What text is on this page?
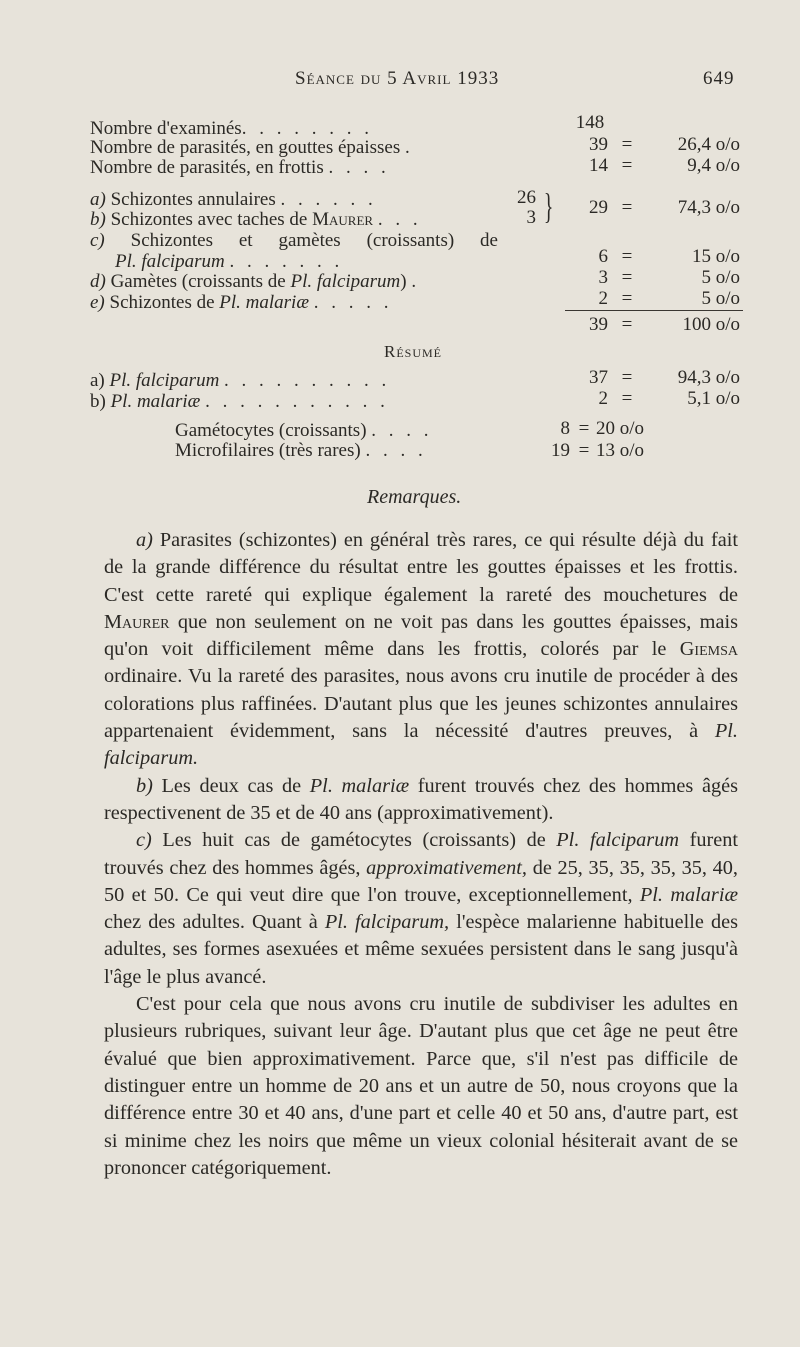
Séance du 5 Avril 1933	649
Nombre d'examinés. . . . . . . .	148
Nombre de parasités, en gouttes épaisses .	39 =	26,4 o/o
Nombre de parasités, en frottis . . . .	14 =	9,4 o/o
a) Schizontes annulaires . . . . . .	26
b) Schizontes avec taches de Maurer . . .	3 }	29 =	74,3 o/o
c) Schizontes et gamètes (croissants) de
Pl. falciparum . . . . . . .	6 =	15 o/o
d) Gamètes (croissants de Pl. falciparum) .	3 =	5 o/o
e) Schizontes de Pl. malariæ . . . . .	2 =	5 o/o
39 =	100 o/o
Résumé
a) Pl. falciparum . . . . . . . . . .	37 =	94,3 o/o
b) Pl. malariæ . . . . . . . . . . .	2 =	5,1 o/o
Gamétocytes (croissants) . . . .	8 = 20 o/o
Microfilaires (très rares) . . . .	19 = 13 o/o
Remarques.

a) Parasites (schizontes) en général très rares, ce qui résulte déjà du fait de la grande différence du résultat entre les gouttes épaisses et les frottis. C'est cette rareté qui explique également la rareté des mouchetures de Maurer que non seulement on ne voit pas dans les gouttes épaisses, mais qu'on voit difficilement même dans les frottis, colorés par le Giemsa ordinaire. Vu la rareté des parasites, nous avons cru inutile de procéder à des colorations plus raffinées. D'autant plus que les jeunes schizontes annulaires appartenaient évidemment, sans la nécessité d'autres preuves, à Pl. falciparum.

b) Les deux cas de Pl. malariæ furent trouvés chez des hommes âgés respectivenent de 35 et de 40 ans (approximativement).

c) Les huit cas de gamétocytes (croissants) de Pl. falciparum furent trouvés chez des hommes âgés, approximativement, de 25, 35, 35, 35, 35, 40, 50 et 50. Ce qui veut dire que l'on trouve, exceptionnellement, Pl. malariæ chez des adultes. Quant à Pl. falciparum, l'espèce malarienne habituelle des adultes, ses formes asexuées et même sexuées persistent dans le sang jusqu'à l'âge le plus avancé.

C'est pour cela que nous avons cru inutile de subdiviser les adultes en plusieurs rubriques, suivant leur âge. D'autant plus que cet âge ne peut être évalué que bien approximativement. Parce que, s'il n'est pas difficile de distinguer entre un homme de 20 ans et un autre de 50, nous croyons que la différence entre 30 et 40 ans, d'une part et celle 40 et 50 ans, d'autre part, est si minime chez les noirs que même un vieux colonial hésiterait avant de se prononcer catégoriquement.
